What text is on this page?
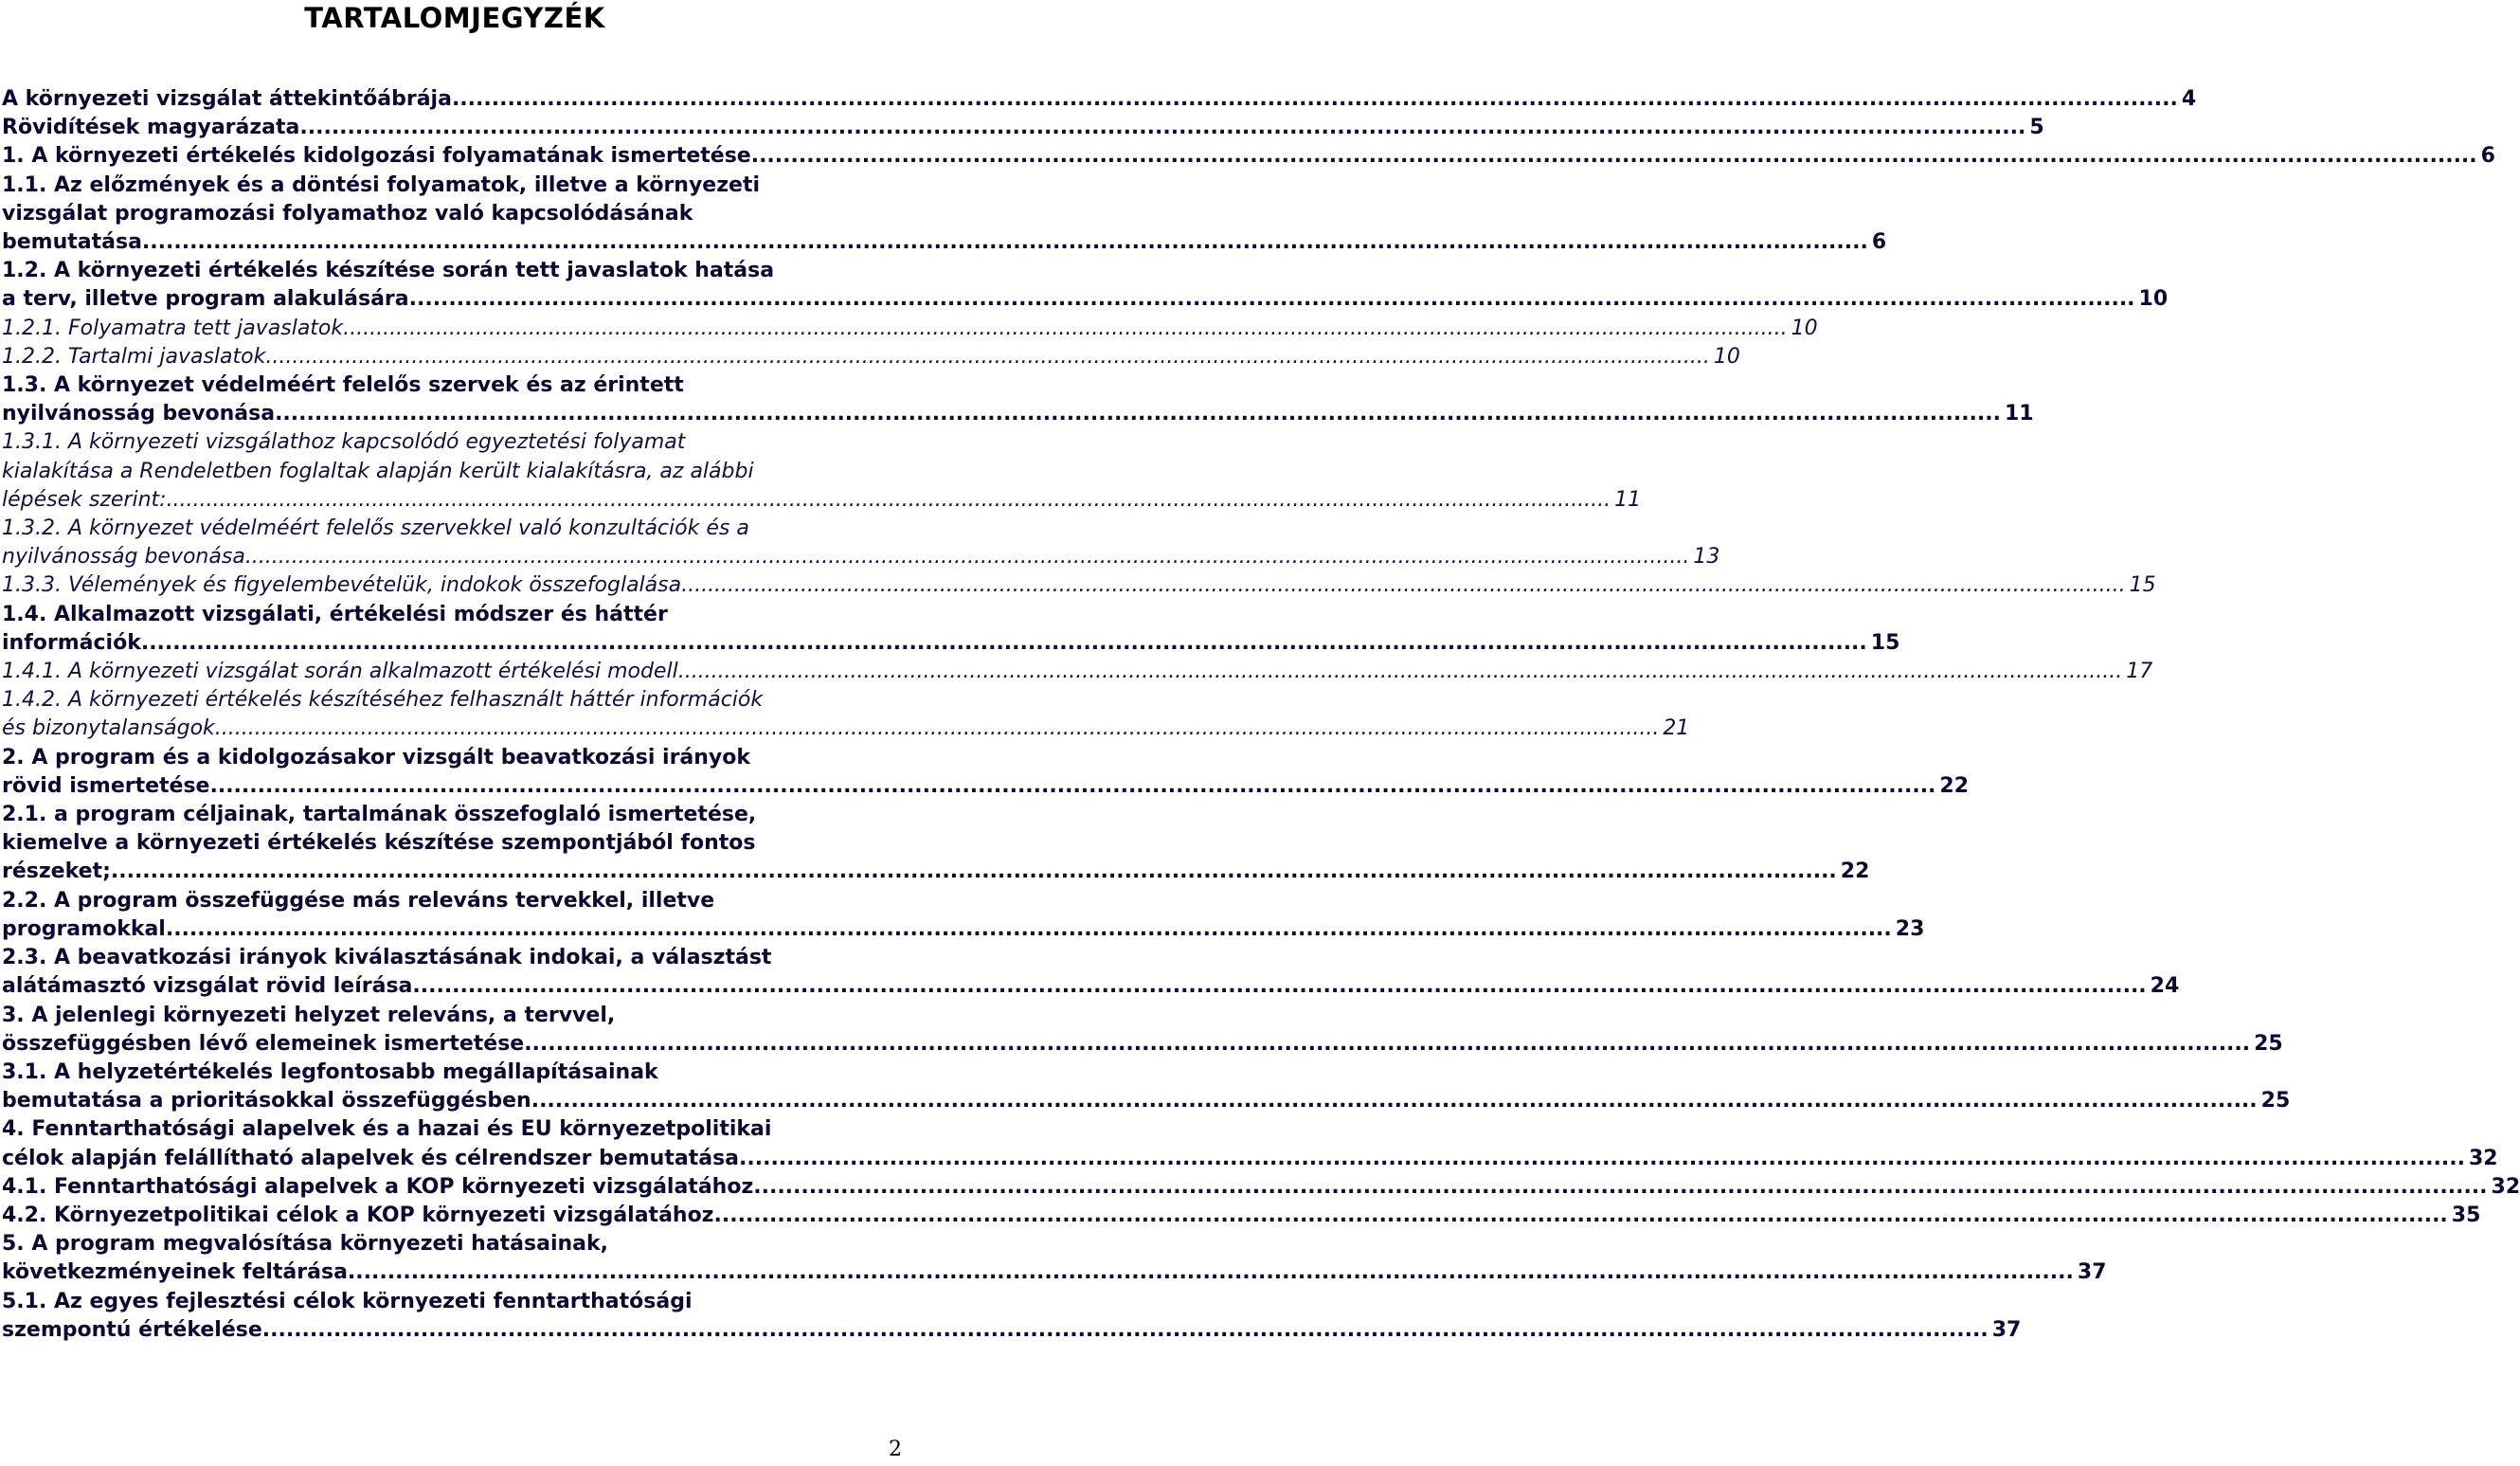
TARTALOMJEGYZÉK
A környezeti vizsgálat áttekintőábrája .....	4
Rövidítések magyarázata .....	5
1. A környezeti értékelés kidolgozási folyamatának ismertetése .....	6
1.1. Az előzmények és a döntési folyamatok, illetve a környezeti
vizsgálat programozási folyamathoz való kapcsolódásának
bemutatása .....	6
1.2. A környezeti értékelés készítése során tett javaslatok hatása
a terv, illetve program alakulására .....	10
1.2.1. Folyamatra tett javaslatok .....	10
1.2.2. Tartalmi javaslatok .....	10
1.3. A környezet védelméért felelős szervek és az érintett
nyilvánosság bevonása .....	11
1.3.1. A környezeti vizsgálathoz kapcsolódó egyeztetési folyamat
kialakítása a Rendeletben foglaltak alapján került kialakításra, az alábbi
lépések szerint: .....	11
1.3.2. A környezet védelméért felelős szervekkel való konzultációk és a
nyilvánosság bevonása .....	13
1.3.3. Vélemények és figyelembevételük, indokok összefoglalása .....	15
1.4. Alkalmazott vizsgálati, értékelési módszer és háttér
információk .....	15
1.4.1. A környezeti vizsgálat során alkalmazott értékelési modell .....	17
1.4.2. A környezeti értékelés készítéséhez felhasznált háttér információk
és bizonytalanságok .....	21
2. A program és a kidolgozásakor vizsgált beavatkozási irányok
rövid ismertetése .....	22
2.1. a program céljainak, tartalmának összefoglaló ismertetése,
kiemelve a környezeti értékelés készítése szempontjából fontos
részeket; .....	22
2.2. A program összefüggése más releváns tervekkel, illetve
programokkal .....	23
2.3. A beavatkozási irányok kiválasztásának indokai, a választást
alátámasztó vizsgálat rövid leírása. .....	24
3. A jelenlegi környezeti helyzet releváns, a tervvel,
összefüggésben lévő elemeinek ismertetése .....	25
3.1. A helyzetértékelés legfontosabb megállapításainak
bemutatása a prioritásokkal összefüggésben .....	25
4. Fenntarthatósági alapelvek és a hazai és EU környezetpolitikai
célok alapján felállítható alapelvek és célrendszer bemutatása .....	32
4.1. Fenntarthatósági alapelvek a KOP környezeti vizsgálatához. .....	32
4.2. Környezetpolitikai célok a KOP környezeti vizsgálatához. .....	35
5. A program megvalósítása környezeti hatásainak,
következményeinek feltárása .....	37
5.1. Az egyes fejlesztési célok környezeti fenntarthatósági
szempontú értékelése .....	37
2
